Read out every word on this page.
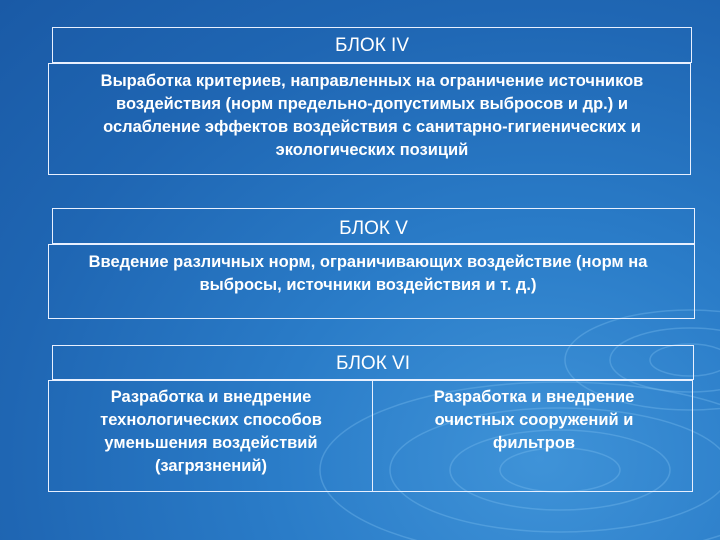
БЛОК IV
Выработка критериев, направленных на ограничение источников воздействия (норм предельно-допустимых выбросов и др.) и ослабление эффектов воздействия с санитарно-гигиенических и экологических позиций
БЛОК V
Введение различных норм, ограничивающих воздействие (норм на выбросы, источники воздействия и т. д.)
БЛОК VI
Разработка и внедрение технологических способов уменьшения воздействий (загрязнений)
Разработка и внедрение очистных сооружений и фильтров
